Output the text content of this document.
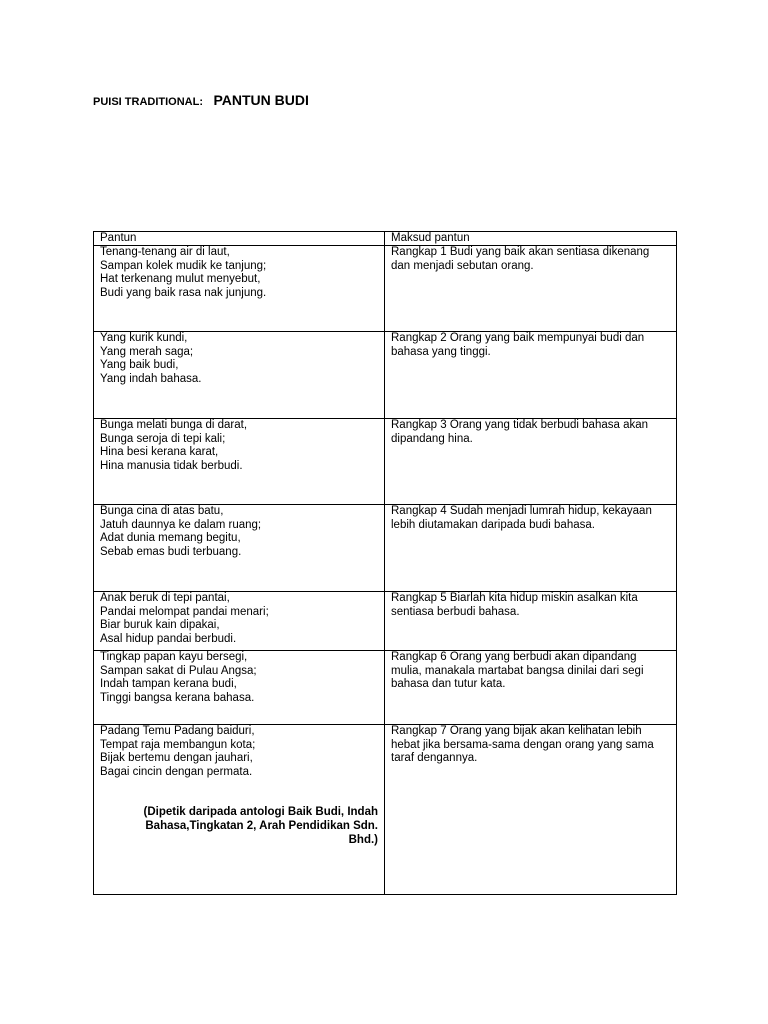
PUISI TRADITIONAL: PANTUN BUDI
Pantun	Maksud pantun

Tenang-tenang air di laut,
Sampan kolek mudik ke tanjung;
Hat terkenang mulut menyebut,
Budi yang baik rasa nak junjung.	Rangkap 1 Budi yang baik akan sentiasa dikenang dan menjadi sebutan orang.

Yang kurik kundi,
Yang merah saga;
Yang baik budi,
Yang indah bahasa.	Rangkap 2 Orang yang baik mempunyai budi dan bahasa yang tinggi.

Bunga melati bunga di darat,
Bunga seroja di tepi kali;
Hina besi kerana karat,
Hina manusia tidak berbudi.	Rangkap 3 Orang yang tidak berbudi bahasa akan dipandang hina.

Bunga cina di atas batu,
Jatuh daunnya ke dalam ruang;
Adat dunia memang begitu,
Sebab emas budi terbuang.	Rangkap 4 Sudah menjadi lumrah hidup, kekayaan lebih diutamakan daripada budi bahasa.

Anak beruk di tepi pantai,
Pandai melompat pandai menari;
Biar buruk kain dipakai,
Asal hidup pandai berbudi.	Rangkap 5 Biarlah kita hidup miskin asalkan kita sentiasa berbudi bahasa.

Tingkap papan kayu bersegi,
Sampan sakat di Pulau Angsa;
Indah tampan kerana budi,
Tinggi bangsa kerana bahasa.	Rangkap 6 Orang yang berbudi akan dipandang mulia, manakala martabat bangsa dinilai dari segi bahasa dan tutur kata.

Padang Temu Padang baiduri,
Tempat raja membangun kota;
Bijak bertemu dengan jauhari,
Bagai cincin dengan permata.
(Dipetik daripada antologi Baik Budi, Indah Bahasa,Tingkatan 2, Arah Pendidikan Sdn. Bhd.)	Rangkap 7 Orang yang bijak akan kelihatan lebih hebat jika bersama-sama dengan orang yang sama taraf dengannya.
